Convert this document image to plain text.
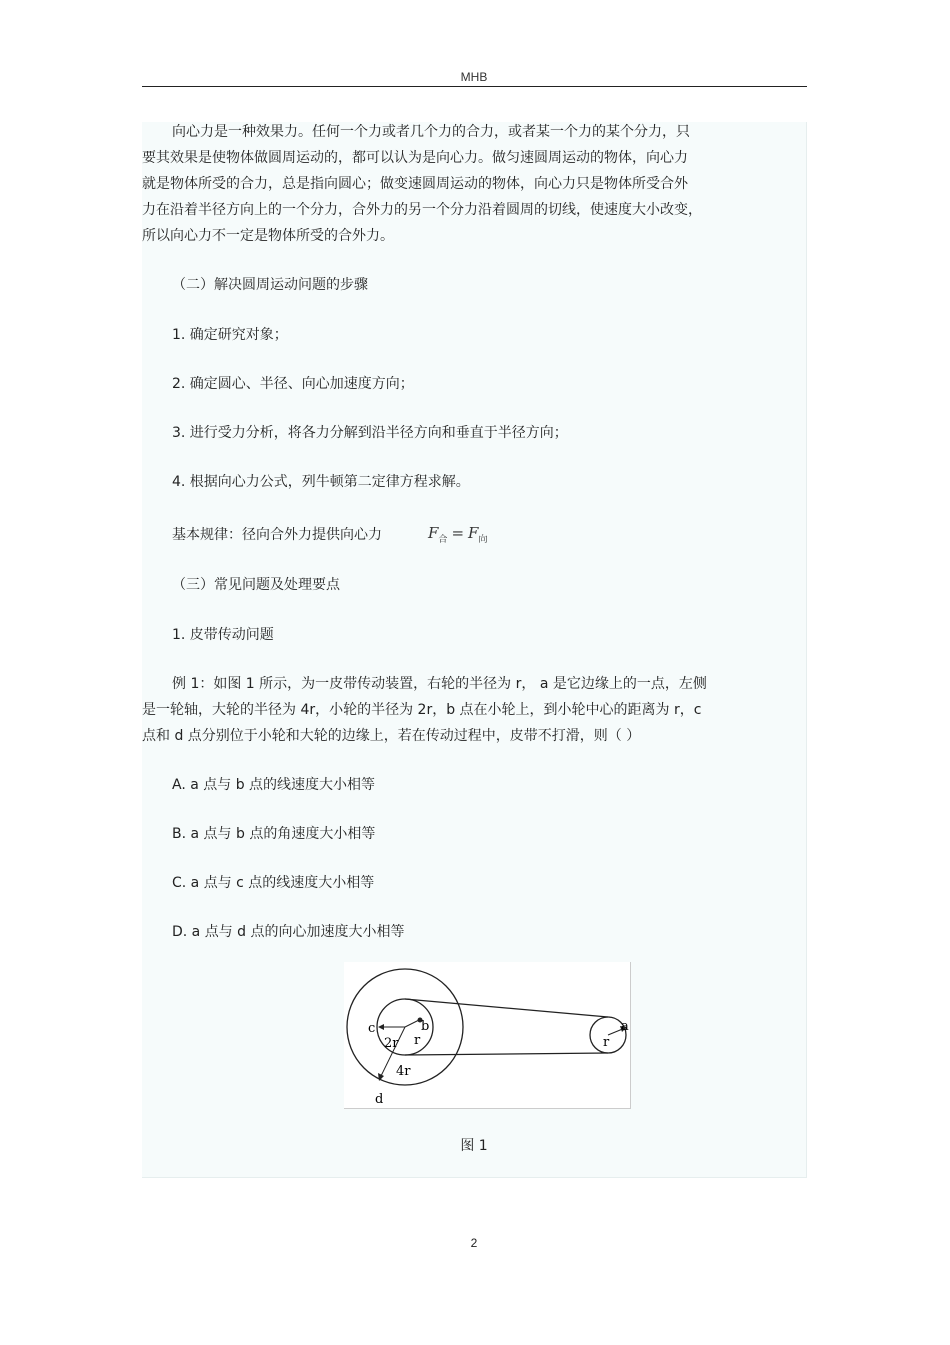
MHB
向心力是一种效果力。任何一个力或者几个力的合力，或者某一个力的某个分力，只
要其效果是使物体做圆周运动的，都可以认为是向心力。做匀速圆周运动的物体，向心力
就是物体所受的合力，总是指向圆心；做变速圆周运动的物体，向心力只是物体所受合外
力在沿着半径方向上的一个分力，合外力的另一个分力沿着圆周的切线，使速度大小改变，
所以向心力不一定是物体所受的合外力。
（二）解决圆周运动问题的步骤
1. 确定研究对象；
2. 确定圆心、半径、向心加速度方向；
3. 进行受力分析，将各力分解到沿半径方向和垂直于半径方向；
4. 根据向心力公式，列牛顿第二定律方程求解。
基本规律：径向合外力提供向心力	$F_合 = F_向$
（三）常见问题及处理要点
1. 皮带传动问题
例 1：如图 1 所示，为一皮带传动装置，右轮的半径为 r， a 是它边缘上的一点，左侧
是一轮轴，大轮的半径为 4r，小轮的半径为 2r，b 点在小轮上，到小轮中心的距离为 r，c
点和 d 点分别位于小轮和大轮的边缘上，若在传动过程中，皮带不打滑，则（ ）
A. a 点与 b 点的线速度大小相等
B. a 点与 b 点的角速度大小相等
C. a 点与 c 点的线速度大小相等
D. a 点与 d 点的向心加速度大小相等
c	b
r
2r
4r
d
a
r
图 1
2
